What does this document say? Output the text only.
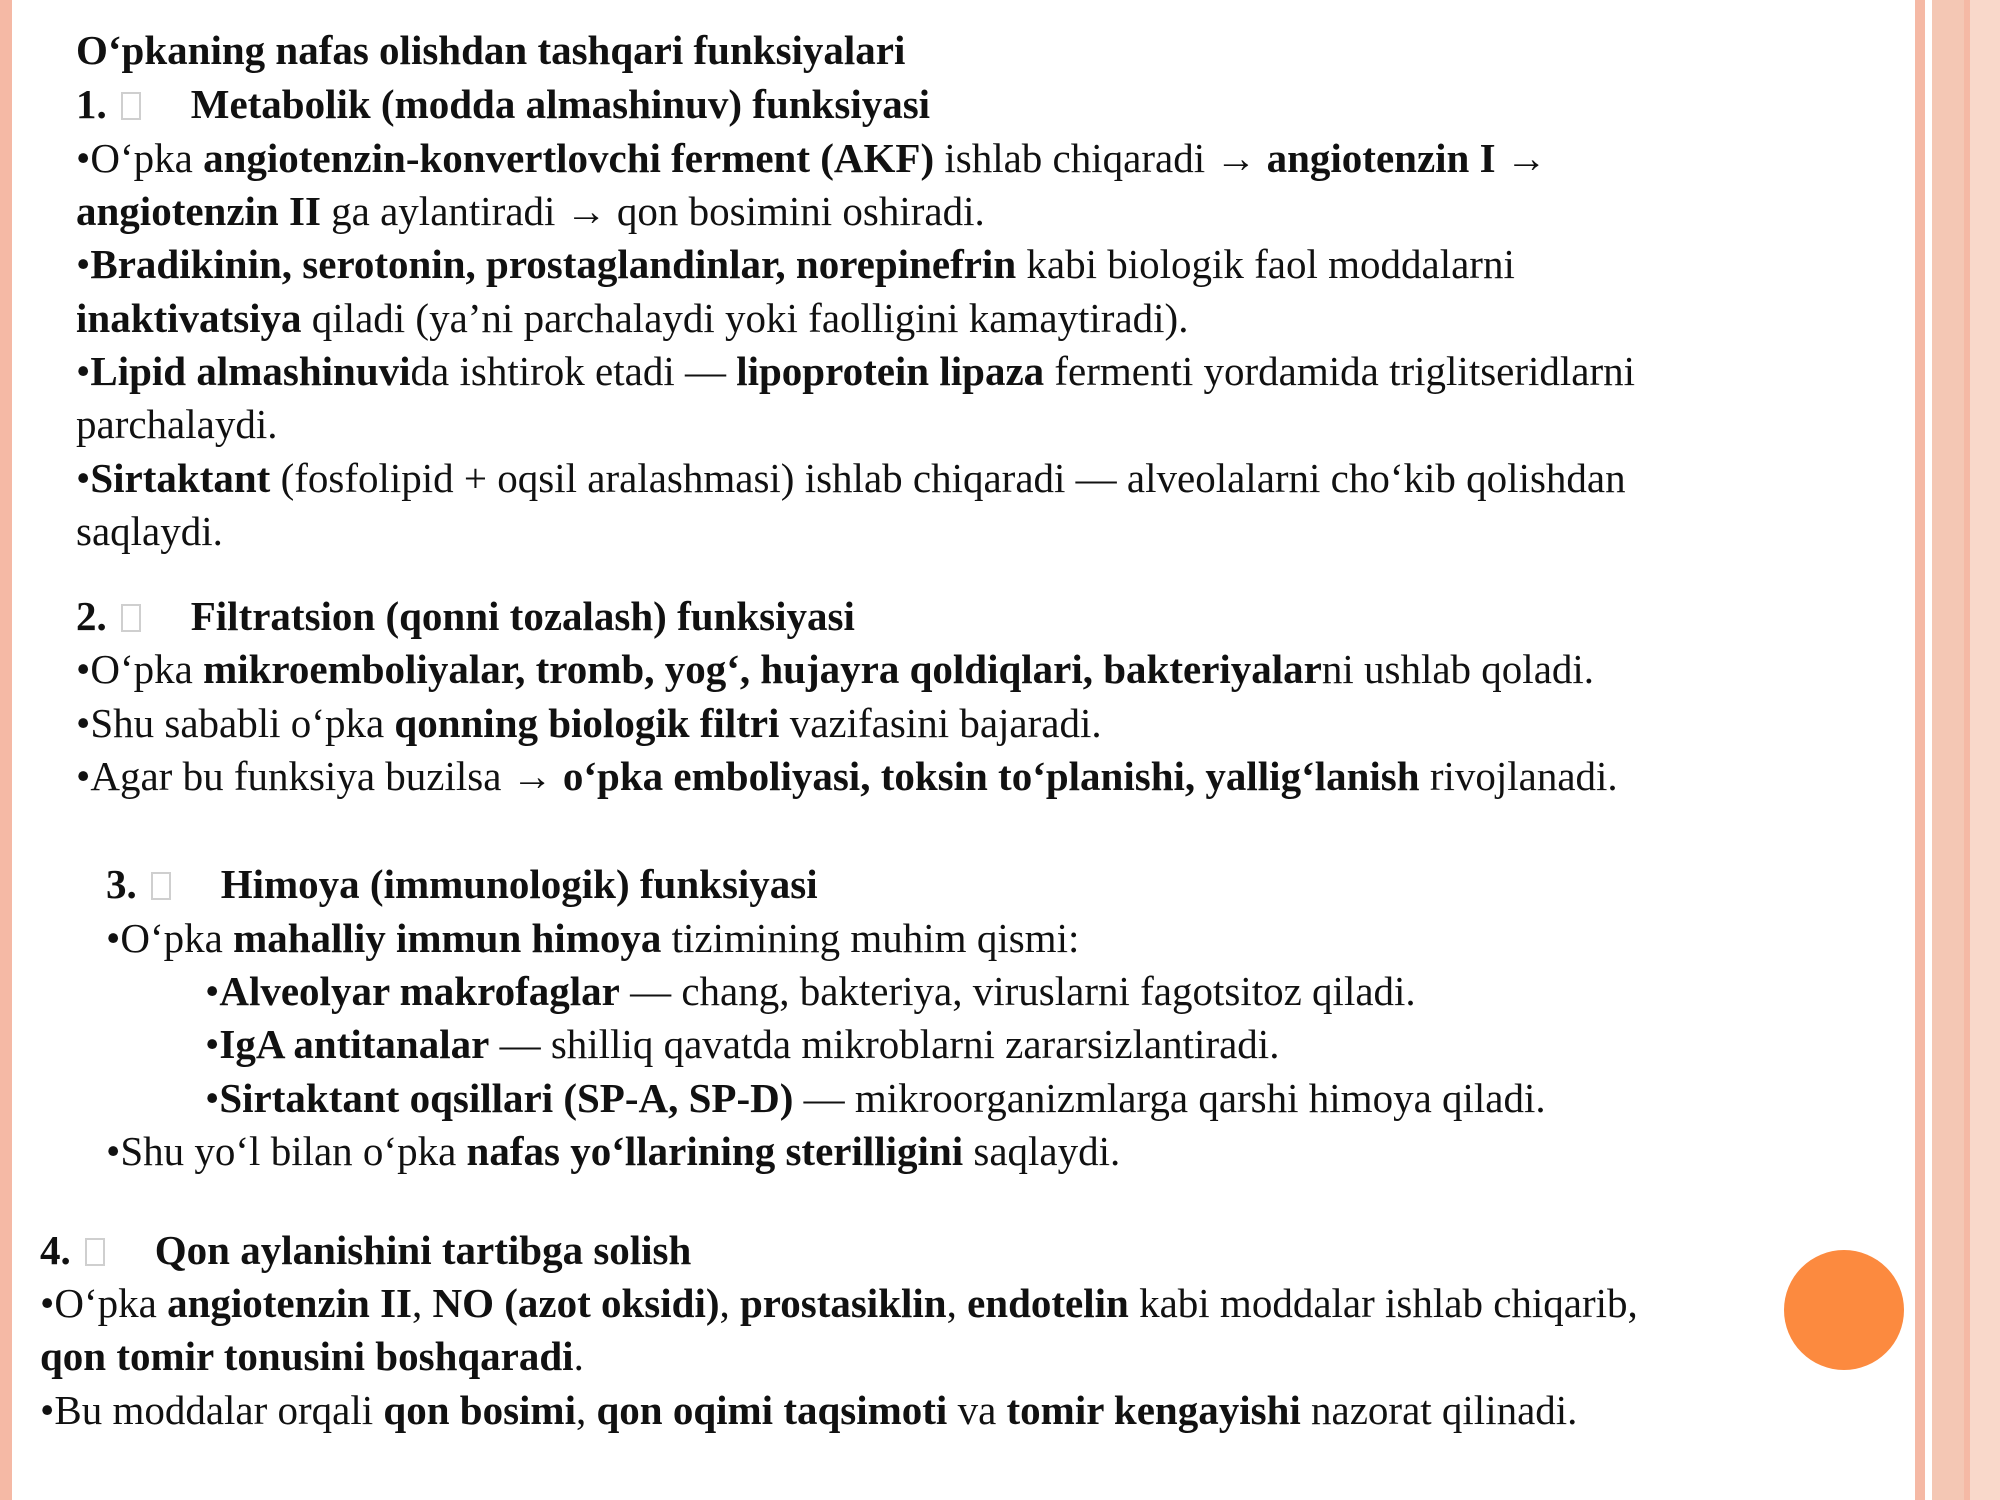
O‘pkaning nafas olishdan tashqari funksiyalari
1. Metabolik (modda almashinuv) funksiyasi
•O‘pka angiotenzin-konvertlovchi ferment (AKF) ishlab chiqaradi → angiotenzin I →
angiotenzin II ga aylantiradi → qon bosimini oshiradi.
•Bradikinin, serotonin, prostaglandinlar, norepinefrin kabi biologik faol moddalarni
inaktivatsiya qiladi (ya’ni parchalaydi yoki faolligini kamaytiradi).
•Lipid almashinuvida ishtirok etadi — lipoprotein lipaza fermenti yordamida triglitseridlarni
parchalaydi.
•Sirtaktant (fosfolipid + oqsil aralashmasi) ishlab chiqaradi — alveolalarni cho‘kib qolishdan
saqlaydi.
2. Filtratsion (qonni tozalash) funksiyasi
•O‘pka mikroemboliyalar, tromb, yog‘, hujayra qoldiqlari, bakteriyalarni ushlab qoladi.
•Shu sababli o‘pka qonning biologik filtri vazifasini bajaradi.
•Agar bu funksiya buzilsa → o‘pka emboliyasi, toksin to‘planishi, yallig‘lanish rivojlanadi.
3. Himoya (immunologik) funksiyasi
•O‘pka mahalliy immun himoya tizimining muhim qismi:
•Alveolyar makrofaglar — chang, bakteriya, viruslarni fagotsitoz qiladi.
•IgA antitanalar — shilliq qavatda mikroblarni zararsizlantiradi.
•Sirtaktant oqsillari (SP-A, SP-D) — mikroorganizmlarga qarshi himoya qiladi.
•Shu yo‘l bilan o‘pka nafas yo‘llarining sterilligini saqlaydi.
4. Qon aylanishini tartibga solish
•O‘pka angiotenzin II, NO (azot oksidi), prostasiklin, endotelin kabi moddalar ishlab chiqarib,
qon tomir tonusini boshqaradi.
•Bu moddalar orqali qon bosimi, qon oqimi taqsimoti va tomir kengayishi nazorat qilinadi.
